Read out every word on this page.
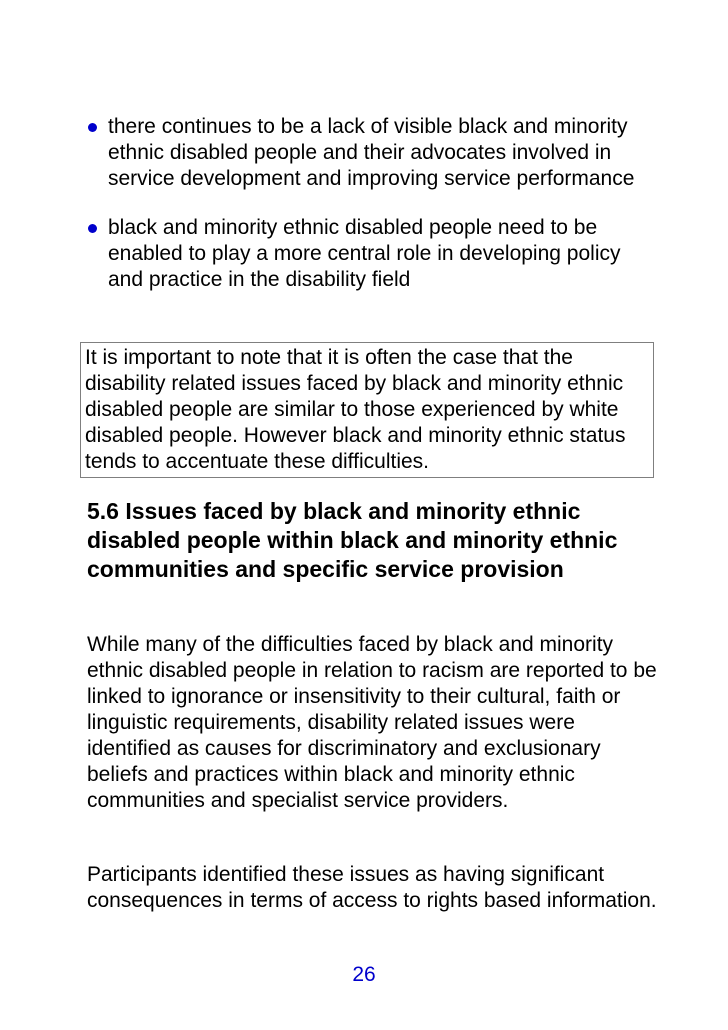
there continues to be a lack of visible black and minority ethnic disabled people and their advocates involved in service development and improving service performance
black and minority ethnic disabled people need to be enabled to play a more central role in developing policy and practice in the disability field
It is important to note that it is often the case that the disability related issues faced by black and minority ethnic disabled people are similar to those experienced by white disabled people. However black and minority ethnic status tends to accentuate these difficulties.
5.6 Issues faced by black and minority ethnic disabled people within black and minority ethnic communities and specific service provision

While many of the difficulties faced by black and minority ethnic disabled people in relation to racism are reported to be linked to ignorance or insensitivity to their cultural, faith or linguistic requirements, disability related issues were identified as causes for discriminatory and exclusionary beliefs and practices within black and minority ethnic communities and specialist service providers.

Participants identified these issues as having significant consequences in terms of access to rights based information.

26
